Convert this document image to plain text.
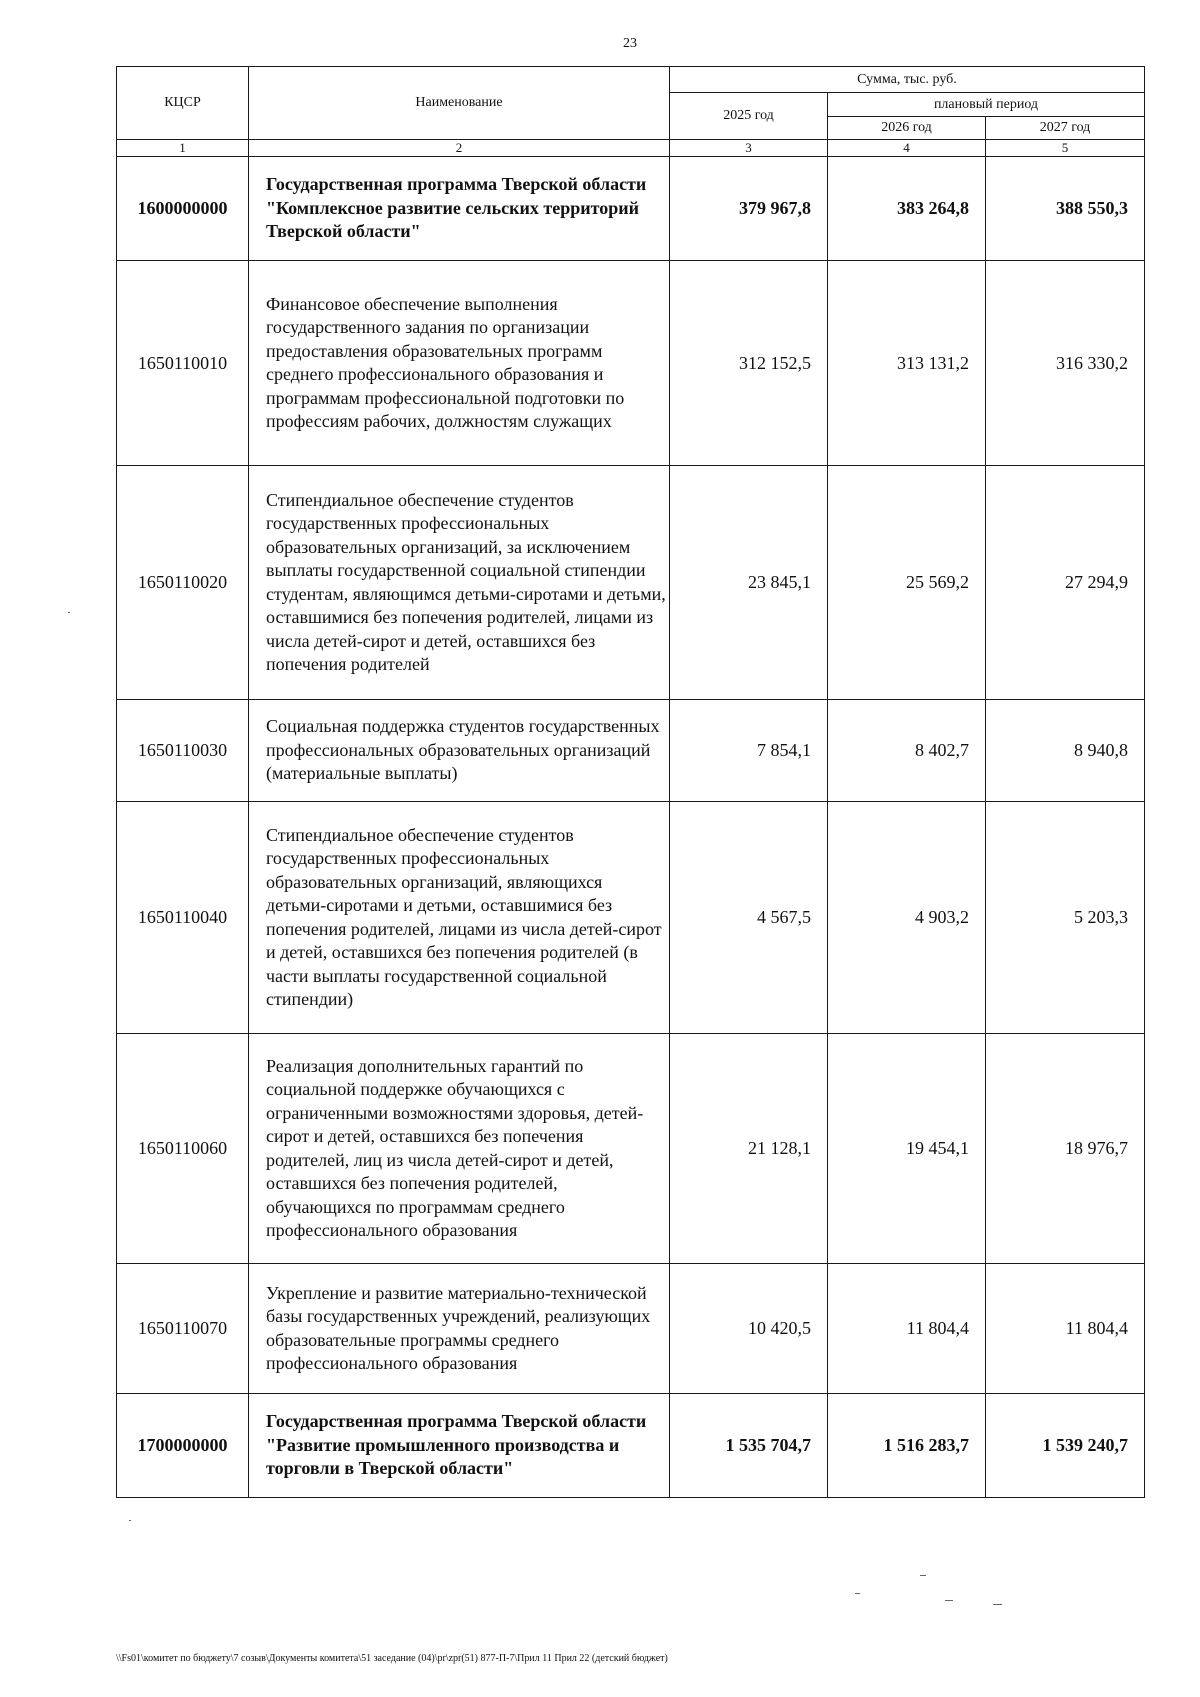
23
КЦСР	Наименование	Сумма, тыс. руб.		
		2025 год	плановый период	
			2026 год	2027 год
1	2	3	4	5
1600000000	Государственная программа Тверской области "Комплексное развитие сельских территорий Тверской области"	379 967,8	383 264,8	388 550,3
1650110010	Финансовое обеспечение выполнения государственного задания по организации предоставления образовательных программ среднего профессионального образования и программам профессиональной подготовки по профессиям рабочих, должностям служащих	312 152,5	313 131,2	316 330,2
1650110020	Стипендиальное обеспечение студентов государственных профессиональных образовательных организаций, за исключением выплаты государственной социальной стипендии студентам, являющимся детьми-сиротами и детьми, оставшимися без попечения родителей, лицами из числа детей-сирот и детей, оставшихся без попечения родителей	23 845,1	25 569,2	27 294,9
1650110030	Социальная поддержка студентов государственных профессиональных образовательных организаций (материальные выплаты)	7 854,1	8 402,7	8 940,8
1650110040	Стипендиальное обеспечение студентов государственных профессиональных образовательных организаций, являющихся детьми-сиротами и детьми, оставшимися без попечения родителей, лицами из числа детей-сирот и детей, оставшихся без попечения родителей (в части выплаты государственной социальной стипендии)	4 567,5	4 903,2	5 203,3
1650110060	Реализация дополнительных гарантий по социальной поддержке обучающихся с ограниченными возможностями здоровья, детей-сирот и детей, оставшихся без попечения родителей, лиц из числа детей-сирот и детей, оставшихся без попечения родителей, обучающихся по программам среднего профессионального образования	21 128,1	19 454,1	18 976,7
1650110070	Укрепление и развитие материально-технической базы государственных учреждений, реализующих образовательные программы среднего профессионального образования	10 420,5	11 804,4	11 804,4
1700000000	Государственная программа Тверской области "Развитие промышленного производства и торговли в Тверской области"	1 535 704,7	1 516 283,7	1 539 240,7
\\Fs01\комитет по бюджету\7 созыв\Документы комитета\51 заседание (04)\pr\zpr(51) 877-П-7\Прил 11 Прил 22 (детский бюджет)
